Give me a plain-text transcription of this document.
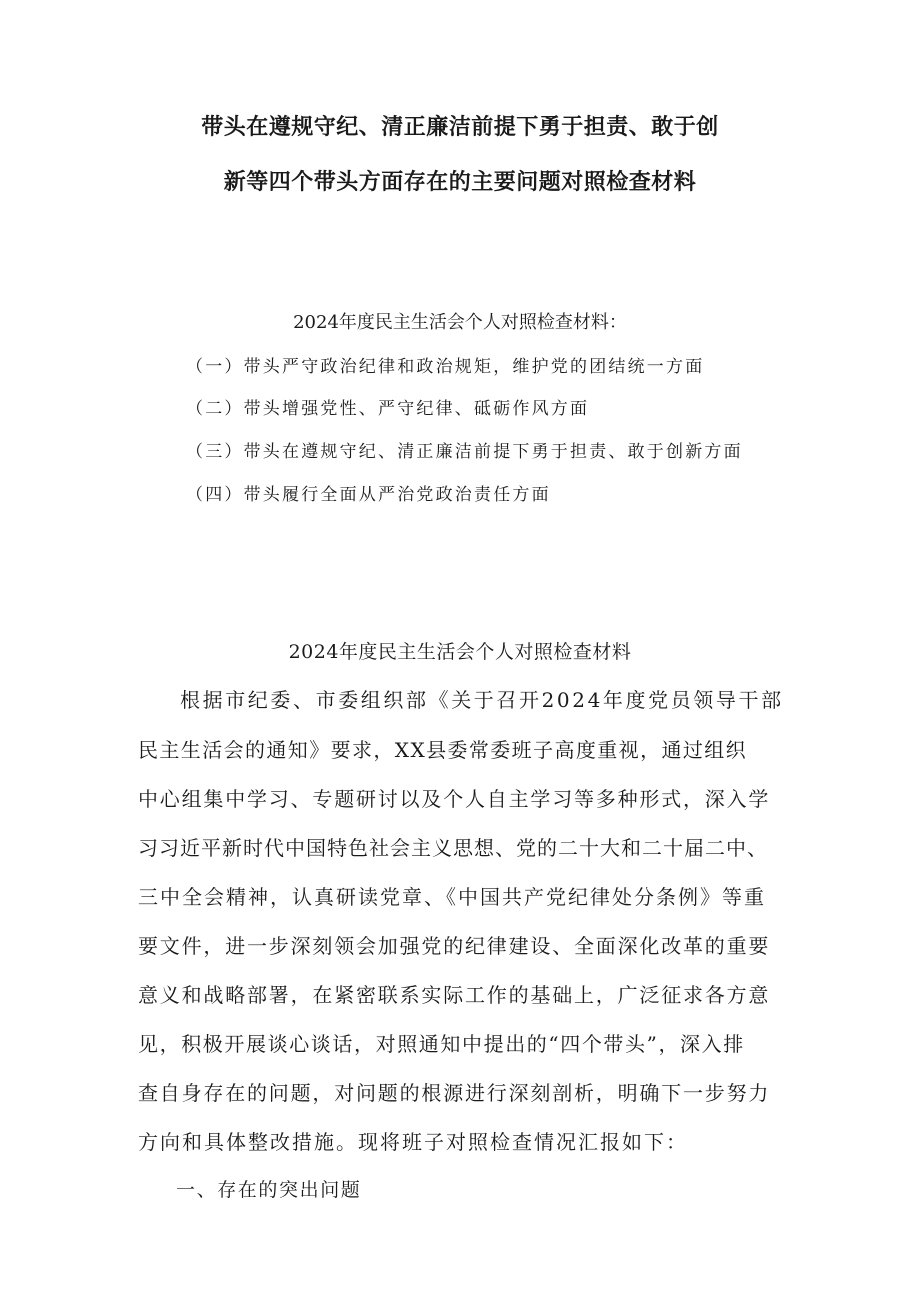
带头在遵规守纪、清正廉洁前提下勇于担责、敢于创
新等四个带头方面存在的主要问题对照检查材料
2024年度民主生活会个人对照检查材料：
（一）带头严守政治纪律和政治规矩，维护党的团结统一方面
（二）带头增强党性、严守纪律、砥砺作风方面
（三）带头在遵规守纪、清正廉洁前提下勇于担责、敢于创新方面
（四）带头履行全面从严治党政治责任方面
2024年度民主生活会个人对照检查材料
根据市纪委、市委组织部《关于召开2024年度党员领导干部
民主生活会的通知》要求，XX县委常委班子高度重视，通过组织
中心组集中学习、专题研讨以及个人自主学习等多种形式，深入学
习习近平新时代中国特色社会主义思想、党的二十大和二十届二中、
三中全会精神，认真研读党章、《中国共产党纪律处分条例》等重
要文件，进一步深刻领会加强党的纪律建设、全面深化改革的重要
意义和战略部署，在紧密联系实际工作的基础上，广泛征求各方意
见，积极开展谈心谈话，对照通知中提出的“四个带头”，深入排
查自身存在的问题，对问题的根源进行深刻剖析，明确下一步努力
方向和具体整改措施。现将班子对照检查情况汇报如下：
一、存在的突出问题
